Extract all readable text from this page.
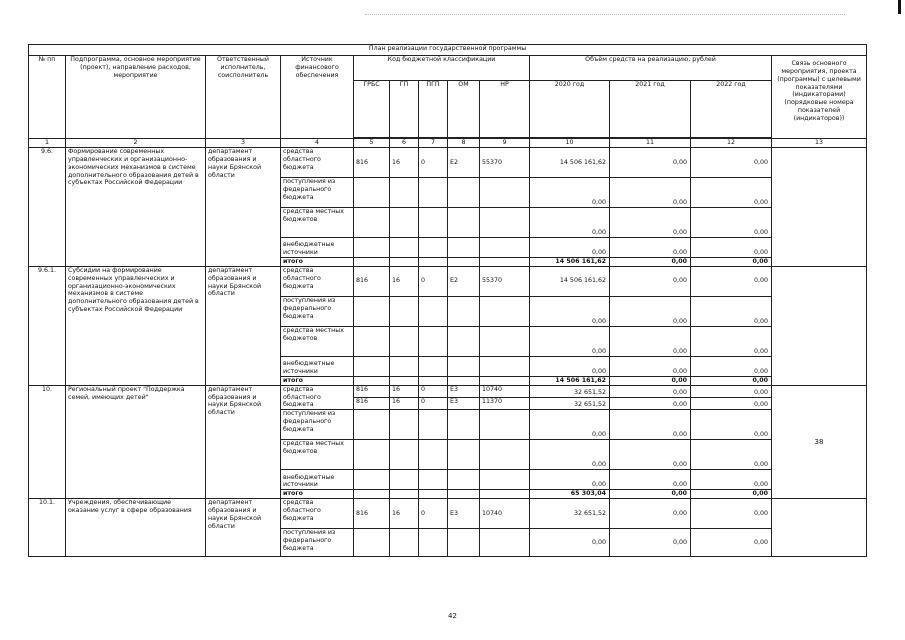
План реализации государственной программы												
№ пп	Подпрограмма, основное мероприятие (проект), направление расходов, мероприятие	Ответственный исполнитель, соисполнитель	Источник финансового обеспечения	Код бюджетной классификации					Объём средств на реализацию, рублей			Связь основного мероприятия, проекта (программы) с целевыми показателями (индикаторами) (порядковые номера показателей (индикаторов))
				ГРБС	ГП	ПГП	ОМ	НР	2020 год	2021 год	2022 год	

1	2	3	4	5	6	7	8	9	10	11	12	13
9.6.	Формирование современных управленческих и организационно-экономических механизмов в системе дополнительного образования детей в субъектах Российской Федерации	департамент образования и науки Брянской области	средства областного бюджета	816	16	0	Е2	55370	14 506 161,62	0,00	0,00	
			поступления из федерального бюджета						0,00	0,00	0,00	
			средства местных бюджетов						0,00	0,00	0,00	
			внебюджетные источники						0,00	0,00	0,00	
			итого						14 506 161,62	0,00	0,00	
9.6.1.	Субсидии на формирование современных управленческих и организационно-экономических механизмов в системе дополнительного образования детей в субъектах Российской Федерации	департамент образования и науки Брянской области	средства областного бюджета	816	16	0	Е2	55370	14 506 161,62	0,00	0,00	
			поступления из федерального бюджета						0,00	0,00	0,00	
			средства местных бюджетов						0,00	0,00	0,00	
			внебюджетные источники						0,00	0,00	0,00	
			итого						14 506 161,62	0,00	0,00	
10.	Региональный проект "Поддержка семей, имеющих детей"	департамент образования и науки Брянской области	средства областного бюджета	816	16	0	Е3	10740	32 651,52	0,00	0,00	38
				816	16	0	Е3	11370	32 651,52	0,00	0,00	
			поступления из федерального бюджета						0,00	0,00	0,00	
			средства местных бюджетов						0,00	0,00	0,00	
			внебюджетные источники						0,00	0,00	0,00	
			итого						65 303,04	0,00	0,00	
10.1.	Учреждения, обеспечивающие оказание услуг в сфере образования	департамент образования и науки Брянской области	средства областного бюджета	816	16	0	Е3	10740	32 651,52	0,00	0,00	
			поступления из федерального бюджета						0,00	0,00	0,00	
42
